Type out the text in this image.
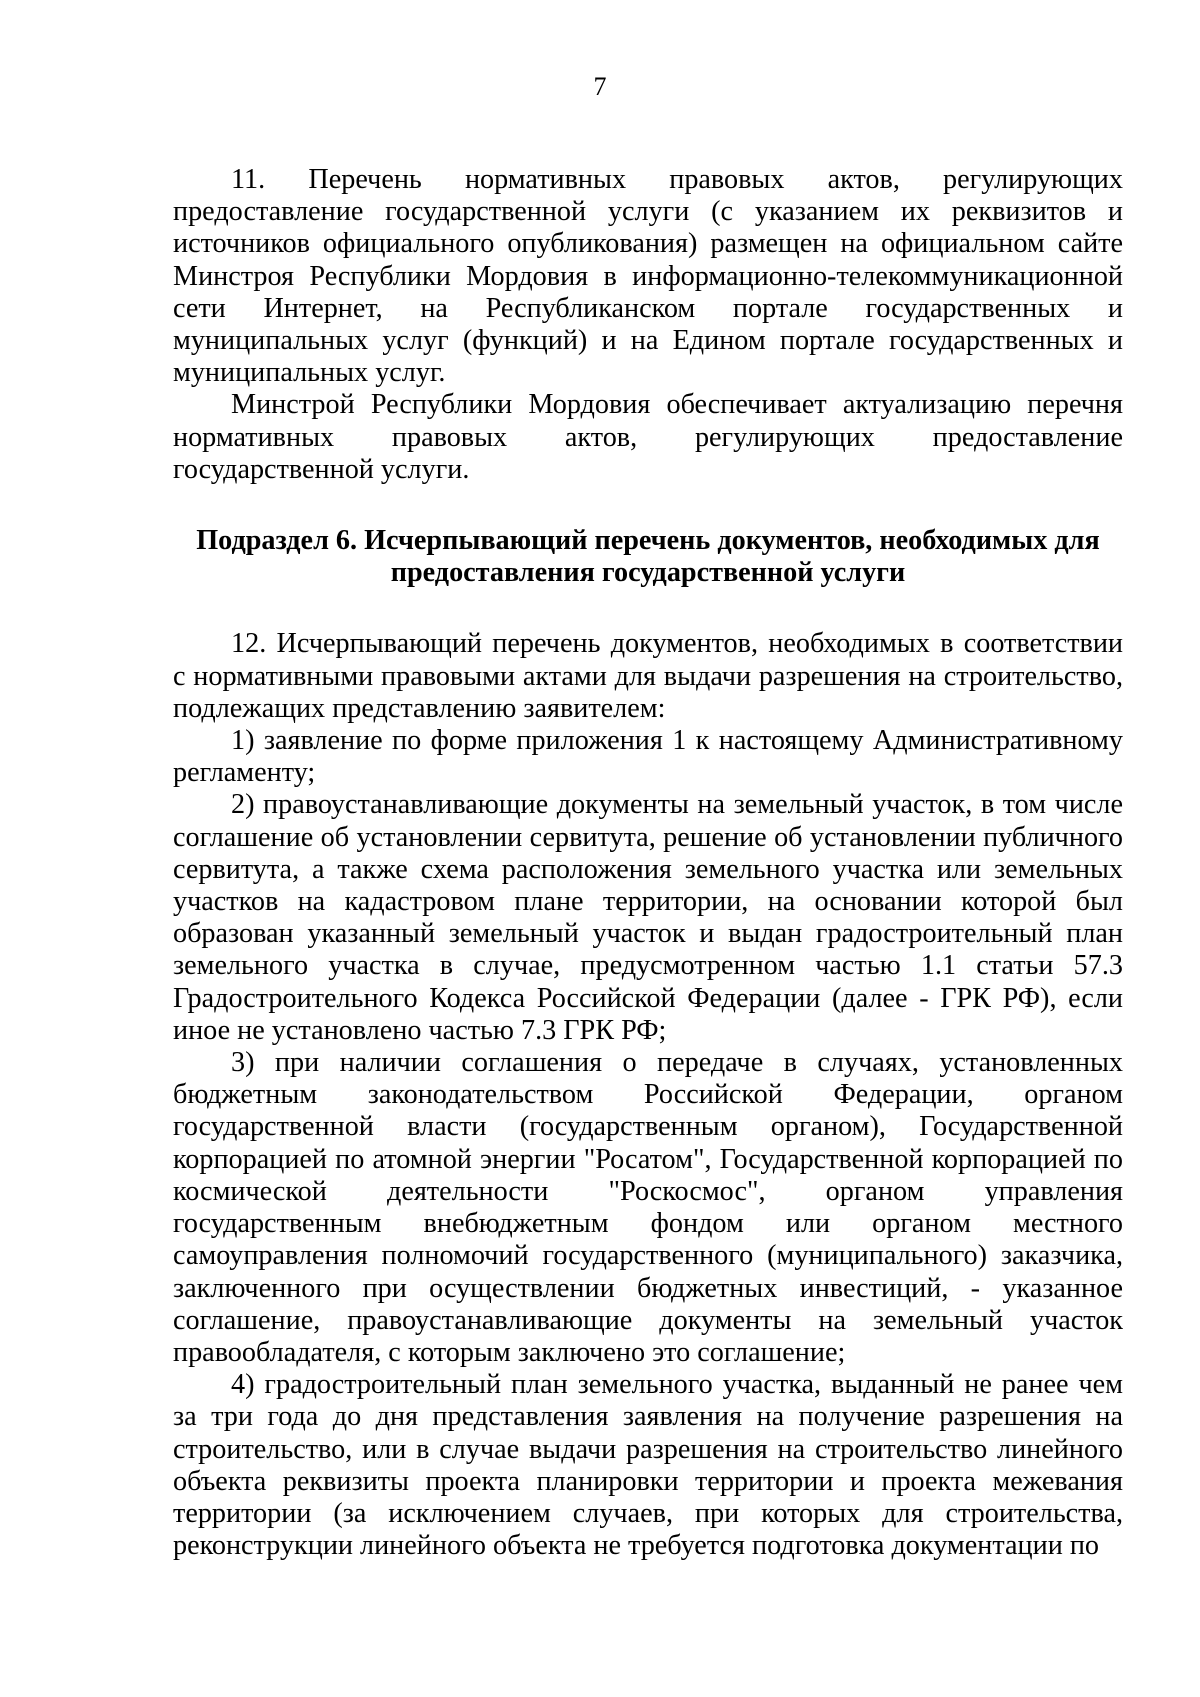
7

11. Перечень нормативных правовых актов, регулирующих предоставление государственной услуги (с указанием их реквизитов и источников официального опубликования) размещен на официальном сайте Минстроя Республики Мордовия в информационно-телекоммуникационной сети Интернет, на Республиканском портале государственных и муниципальных услуг (функций) и на Едином портале государственных и муниципальных услуг.

Минстрой Республики Мордовия обеспечивает актуализацию перечня нормативных правовых актов, регулирующих предоставление государственной услуги.

Подраздел 6. Исчерпывающий перечень документов, необходимых для предоставления государственной услуги

12. Исчерпывающий перечень документов, необходимых в соответствии с нормативными правовыми актами для выдачи разрешения на строительство, подлежащих представлению заявителем:

1) заявление по форме приложения 1 к настоящему Административному регламенту;

2) правоустанавливающие документы на земельный участок, в том числе соглашение об установлении сервитута, решение об установлении публичного сервитута, а также схема расположения земельного участка или земельных участков на кадастровом плане территории, на основании которой был образован указанный земельный участок и выдан градостроительный план земельного участка в случае, предусмотренном частью 1.1 статьи 57.3 Градостроительного Кодекса Российской Федерации (далее - ГРК РФ), если иное не установлено частью 7.3 ГРК РФ;

3) при наличии соглашения о передаче в случаях, установленных бюджетным законодательством Российской Федерации, органом государственной власти (государственным органом), Государственной корпорацией по атомной энергии "Росатом", Государственной корпорацией по космической деятельности "Роскосмос", органом управления государственным внебюджетным фондом или органом местного самоуправления полномочий государственного (муниципального) заказчика, заключенного при осуществлении бюджетных инвестиций, - указанное соглашение, правоустанавливающие документы на земельный участок правообладателя, с которым заключено это соглашение;

4) градостроительный план земельного участка, выданный не ранее чем за три года до дня представления заявления на получение разрешения на строительство, или в случае выдачи разрешения на строительство линейного объекта реквизиты проекта планировки территории и проекта межевания территории (за исключением случаев, при которых для строительства, реконструкции линейного объекта не требуется подготовка документации по
